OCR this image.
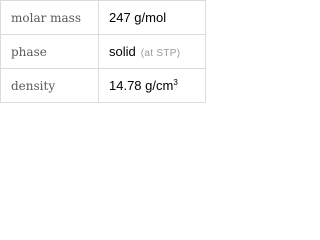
molar mass	247 g/mol
phase	solid (at STP)
density	14.78 $g/cm^3$
